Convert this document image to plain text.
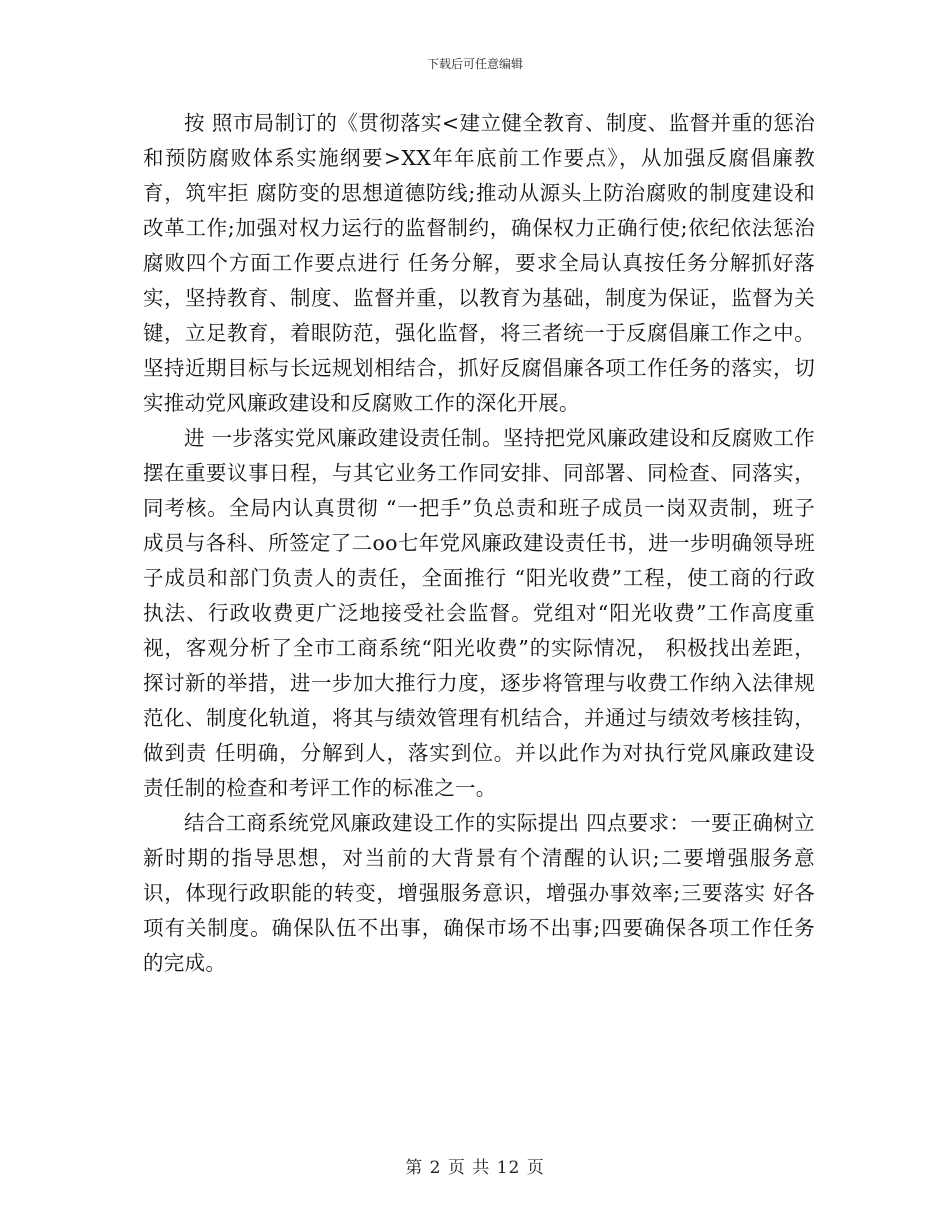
下载后可任意编辑

按 照市局制订的《贯彻落实<建立健全教育、制度、监督并重的惩治和预防腐败体系实施纲要>XX年年底前工作要点》，从加强反腐倡廉教育，筑牢拒 腐防变的思想道德防线;推动从源头上防治腐败的制度建设和改革工作;加强对权力运行的监督制约，确保权力正确行使;依纪依法惩治腐败四个方面工作要点进行 任务分解，要求全局认真按任务分解抓好落实，坚持教育、制度、监督并重，以教育为基础，制度为保证，监督为关键，立足教育，着眼防范，强化监督，将三者统一于反腐倡廉工作之中。坚持近期目标与长远规划相结合，抓好反腐倡廉各项工作任务的落实，切实推动党风廉政建设和反腐败工作的深化开展。

进 一步落实党风廉政建设责任制。坚持把党风廉政建设和反腐败工作摆在重要议事日程，与其它业务工作同安排、同部署、同检查、同落实，同考核。全局内认真贯彻 “一把手”负总责和班子成员一岗双责制，班子成员与各科、所签定了二oo七年党风廉政建设责任书，进一步明确领导班子成员和部门负责人的责任，全面推行 “阳光收费”工程，使工商的行政执法、行政收费更广泛地接受社会监督。党组对“阳光收费”工作高度重视，客观分析了全市工商系统“阳光收费”的实际情况， 积极找出差距，探讨新的举措，进一步加大推行力度，逐步将管理与收费工作纳入法律规范化、制度化轨道，将其与绩效管理有机结合，并通过与绩效考核挂钩，做到责 任明确，分解到人，落实到位。并以此作为对执行党风廉政建设责任制的检查和考评工作的标准之一。

结合工商系统党风廉政建设工作的实际提出 四点要求：一要正确树立新时期的指导思想，对当前的大背景有个清醒的认识;二要增强服务意识，体现行政职能的转变，增强服务意识，增强办事效率;三要落实 好各项有关制度。确保队伍不出事，确保市场不出事;四要确保各项工作任务的完成。

第 2 页 共 12 页
